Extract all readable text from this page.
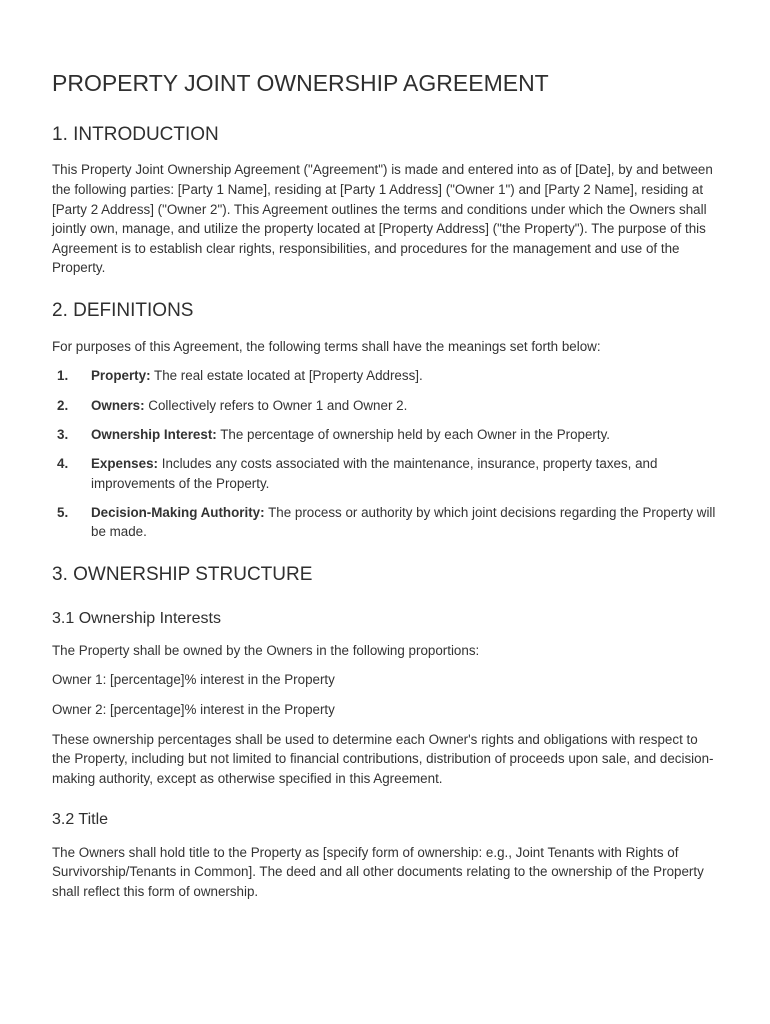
PROPERTY JOINT OWNERSHIP AGREEMENT
1. INTRODUCTION

This Property Joint Ownership Agreement ("Agreement") is made and entered into as of [Date], by and between the following parties: [Party 1 Name], residing at [Party 1 Address] ("Owner 1") and [Party 2 Name], residing at [Party 2 Address] ("Owner 2"). This Agreement outlines the terms and conditions under which the Owners shall jointly own, manage, and utilize the property located at [Property Address] ("the Property"). The purpose of this Agreement is to establish clear rights, responsibilities, and procedures for the management and use of the Property.

2. DEFINITIONS

For purposes of this Agreement, the following terms shall have the meanings set forth below:

1. Property: The real estate located at [Property Address].
2. Owners: Collectively refers to Owner 1 and Owner 2.
3. Ownership Interest: The percentage of ownership held by each Owner in the Property.
4. Expenses: Includes any costs associated with the maintenance, insurance, property taxes, and improvements of the Property.
5. Decision-Making Authority: The process or authority by which joint decisions regarding the Property will be made.
3. OWNERSHIP STRUCTURE
3.1 Ownership Interests

The Property shall be owned by the Owners in the following proportions:

Owner 1: [percentage]% interest in the Property

Owner 2: [percentage]% interest in the Property

These ownership percentages shall be used to determine each Owner's rights and obligations with respect to the Property, including but not limited to financial contributions, distribution of proceeds upon sale, and decision-making authority, except as otherwise specified in this Agreement.

3.2 Title

The Owners shall hold title to the Property as [specify form of ownership: e.g., Joint Tenants with Rights of Survivorship/Tenants in Common]. The deed and all other documents relating to the ownership of the Property shall reflect this form of ownership.
